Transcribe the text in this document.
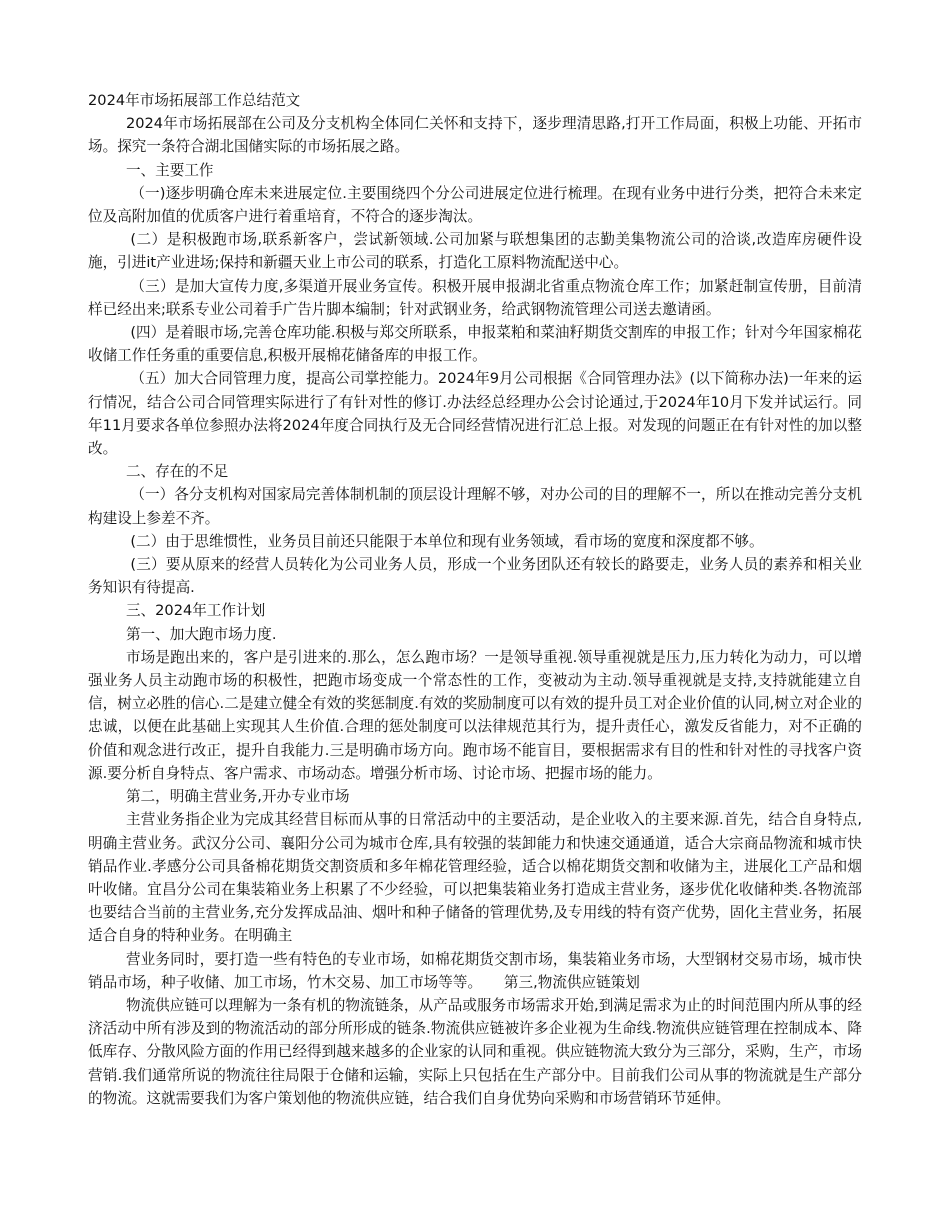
2024年市场拓展部工作总结范文

2024年市场拓展部在公司及分支机构全体同仁关怀和支持下，逐步理清思路,打开工作局面，积极上功能、开拓市场。探究一条符合湖北国储实际的市场拓展之路。

一、主要工作

（一)逐步明确仓库未来进展定位.主要围绕四个分公司进展定位进行梳理。在现有业务中进行分类，把符合未来定位及高附加值的优质客户进行着重培育，不符合的逐步淘汰。

(二）是积极跑市场,联系新客户，尝试新领域.公司加紧与联想集团的志勤美集物流公司的洽谈,改造库房硬件设施，引进it产业进场;保持和新疆天业上市公司的联系，打造化工原料物流配送中心。

（三）是加大宣传力度,多渠道开展业务宣传。积极开展申报湖北省重点物流仓库工作；加紧赶制宣传册，目前清样已经出来;联系专业公司着手广告片脚本编制；针对武钢业务，给武钢物流管理公司送去邀请函。

(四）是着眼市场,完善仓库功能.积极与郑交所联系，申报菜粕和菜油籽期货交割库的申报工作；针对今年国家棉花收储工作任务重的重要信息,积极开展棉花储备库的申报工作。

（五）加大合同管理力度，提高公司掌控能力。2024年9月公司根据《合同管理办法》(以下简称办法)一年来的运行情况，结合公司合同管理实际进行了有针对性的修订.办法经总经理办公会讨论通过,于2024年10月下发并试运行。同年11月要求各单位参照办法将2024年度合同执行及无合同经营情况进行汇总上报。对发现的问题正在有针对性的加以整改。

二、存在的不足

（一）各分支机构对国家局完善体制机制的顶层设计理解不够，对办公司的目的理解不一，所以在推动完善分支机构建设上参差不齐。

(二）由于思维惯性，业务员目前还只能限于本单位和现有业务领域，看市场的宽度和深度都不够。

(三）要从原来的经营人员转化为公司业务人员，形成一个业务团队还有较长的路要走，业务人员的素养和相关业务知识有待提高.

三、2024年工作计划

第一、加大跑市场力度.

市场是跑出来的，客户是引进来的.那么，怎么跑市场？一是领导重视.领导重视就是压力,压力转化为动力，可以增强业务人员主动跑市场的积极性，把跑市场变成一个常态性的工作，变被动为主动.领导重视就是支持,支持就能建立自信，树立必胜的信心.二是建立健全有效的奖惩制度.有效的奖励制度可以有效的提升员工对企业价值的认同,树立对企业的忠诚，以便在此基础上实现其人生价值.合理的惩处制度可以法律规范其行为，提升责任心，激发反省能力，对不正确的价值和观念进行改正，提升自我能力.三是明确市场方向。跑市场不能盲目，要根据需求有目的性和针对性的寻找客户资源.要分析自身特点、客户需求、市场动态。增强分析市场、讨论市场、把握市场的能力。

第二，明确主营业务,开办专业市场

主营业务指企业为完成其经营目标而从事的日常活动中的主要活动，是企业收入的主要来源.首先，结合自身特点,明确主营业务。武汉分公司、襄阳分公司为城市仓库,具有较强的装卸能力和快速交通通道，适合大宗商品物流和城市快销品作业.孝感分公司具备棉花期货交割资质和多年棉花管理经验，适合以棉花期货交割和收储为主，进展化工产品和烟叶收储。宜昌分公司在集装箱业务上积累了不少经验，可以把集装箱业务打造成主营业务，逐步优化收储种类.各物流部也要结合当前的主营业务,充分发挥成品油、烟叶和种子储备的管理优势,及专用线的特有资产优势，固化主营业务，拓展适合自身的特种业务。在明确主

营业务同时，要打造一些有特色的专业市场，如棉花期货交割市场，集装箱业务市场，大型钢材交易市场，城市快销品市场，种子收储、加工市场，竹木交易、加工市场等等。　　第三,物流供应链策划

物流供应链可以理解为一条有机的物流链条，从产品或服务市场需求开始,到满足需求为止的时间范围内所从事的经济活动中所有涉及到的物流活动的部分所形成的链条.物流供应链被许多企业视为生命线.物流供应链管理在控制成本、降低库存、分散风险方面的作用已经得到越来越多的企业家的认同和重视。供应链物流大致分为三部分，采购，生产，市场营销.我们通常所说的物流往往局限于仓储和运输，实际上只包括在生产部分中。目前我们公司从事的物流就是生产部分的物流。这就需要我们为客户策划他的物流供应链，结合我们自身优势向采购和市场营销环节延伸。
